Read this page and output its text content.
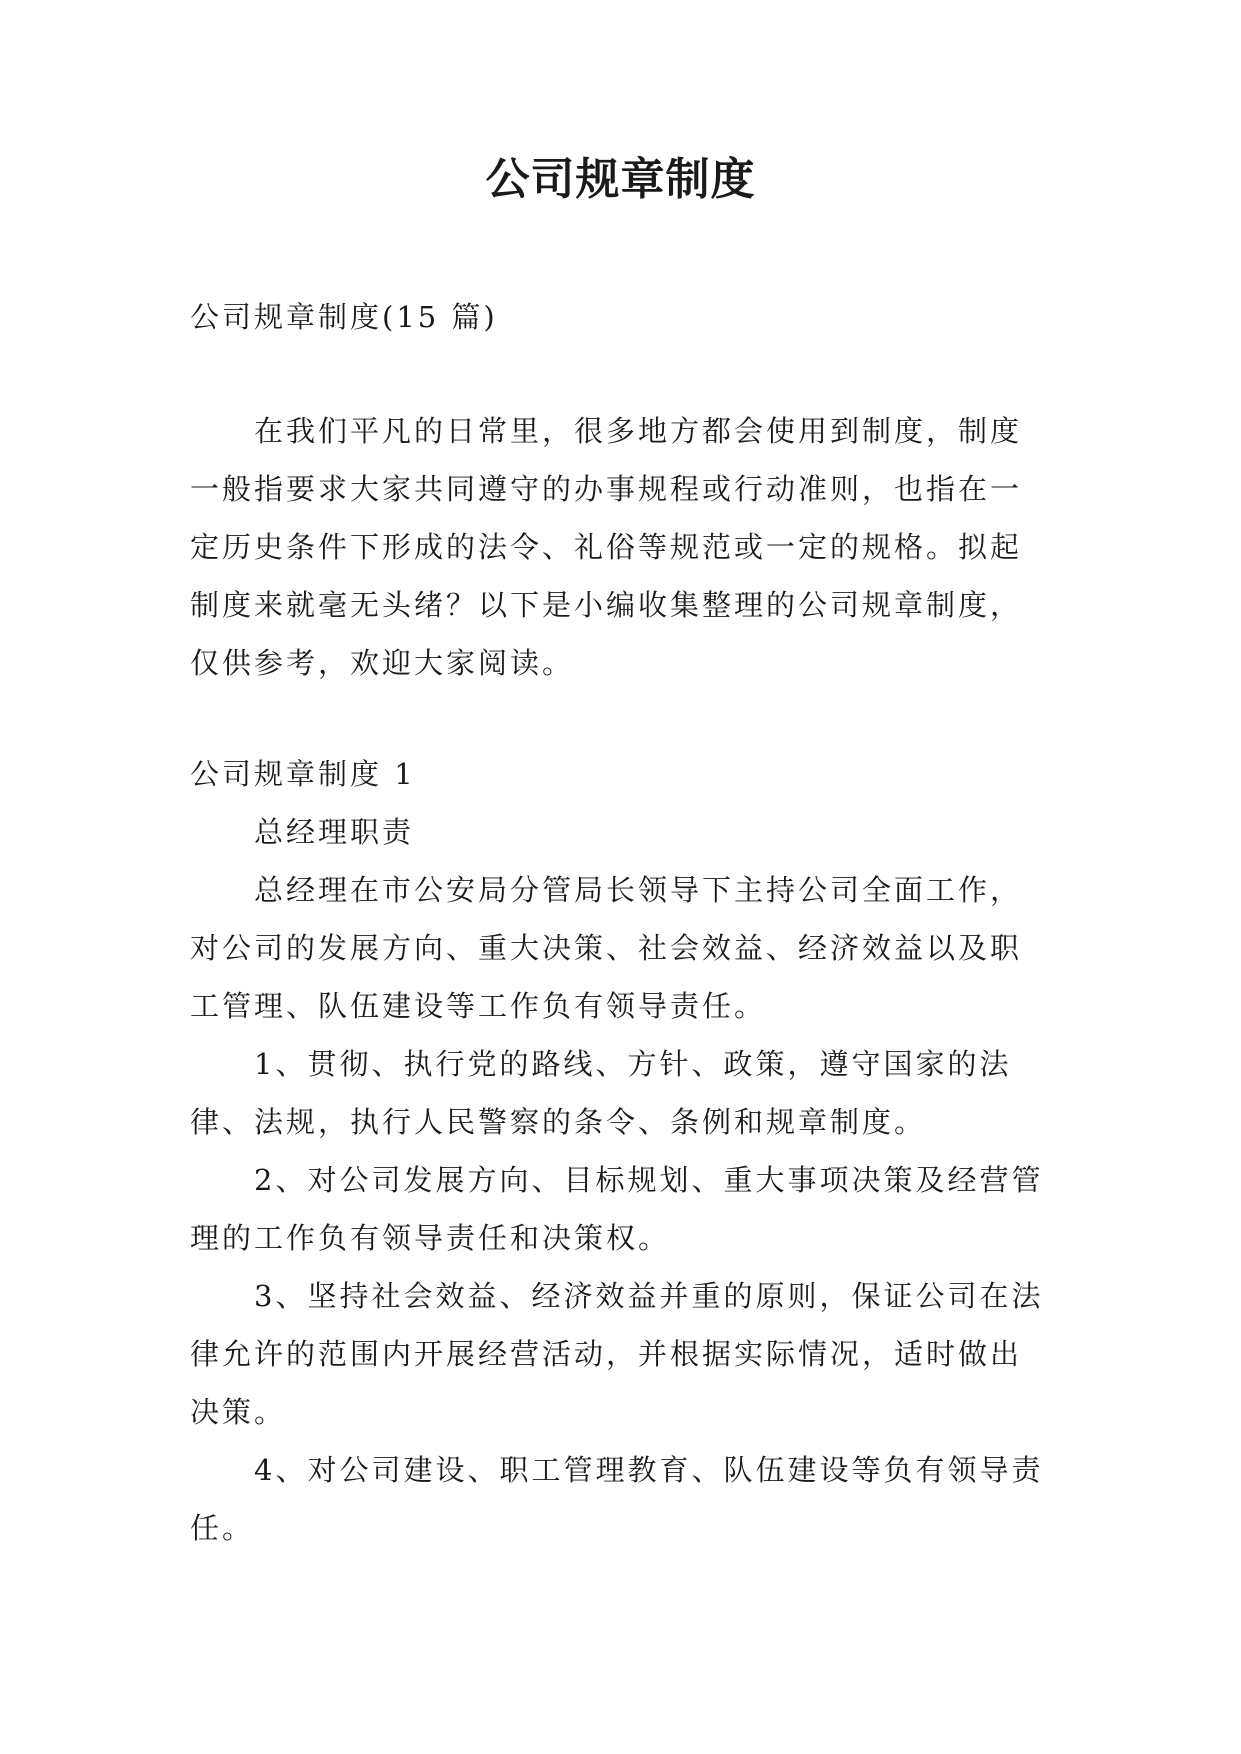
公司规章制度
公司规章制度(15 篇)
在我们平凡的日常里，很多地方都会使用到制度，制度一般指要求大家共同遵守的办事规程或行动准则，也指在一定历史条件下形成的法令、礼俗等规范或一定的规格。拟起制度来就毫无头绪？以下是小编收集整理的公司规章制度，仅供参考，欢迎大家阅读。
公司规章制度 1

总经理职责

总经理在市公安局分管局长领导下主持公司全面工作，对公司的发展方向、重大决策、社会效益、经济效益以及职工管理、队伍建设等工作负有领导责任。

1、贯彻、执行党的路线、方针、政策，遵守国家的法律、法规，执行人民警察的条令、条例和规章制度。

2、对公司发展方向、目标规划、重大事项决策及经营管理的工作负有领导责任和决策权。

3、坚持社会效益、经济效益并重的原则，保证公司在法律允许的范围内开展经营活动，并根据实际情况，适时做出决策。

4、对公司建设、职工管理教育、队伍建设等负有领导责任。
